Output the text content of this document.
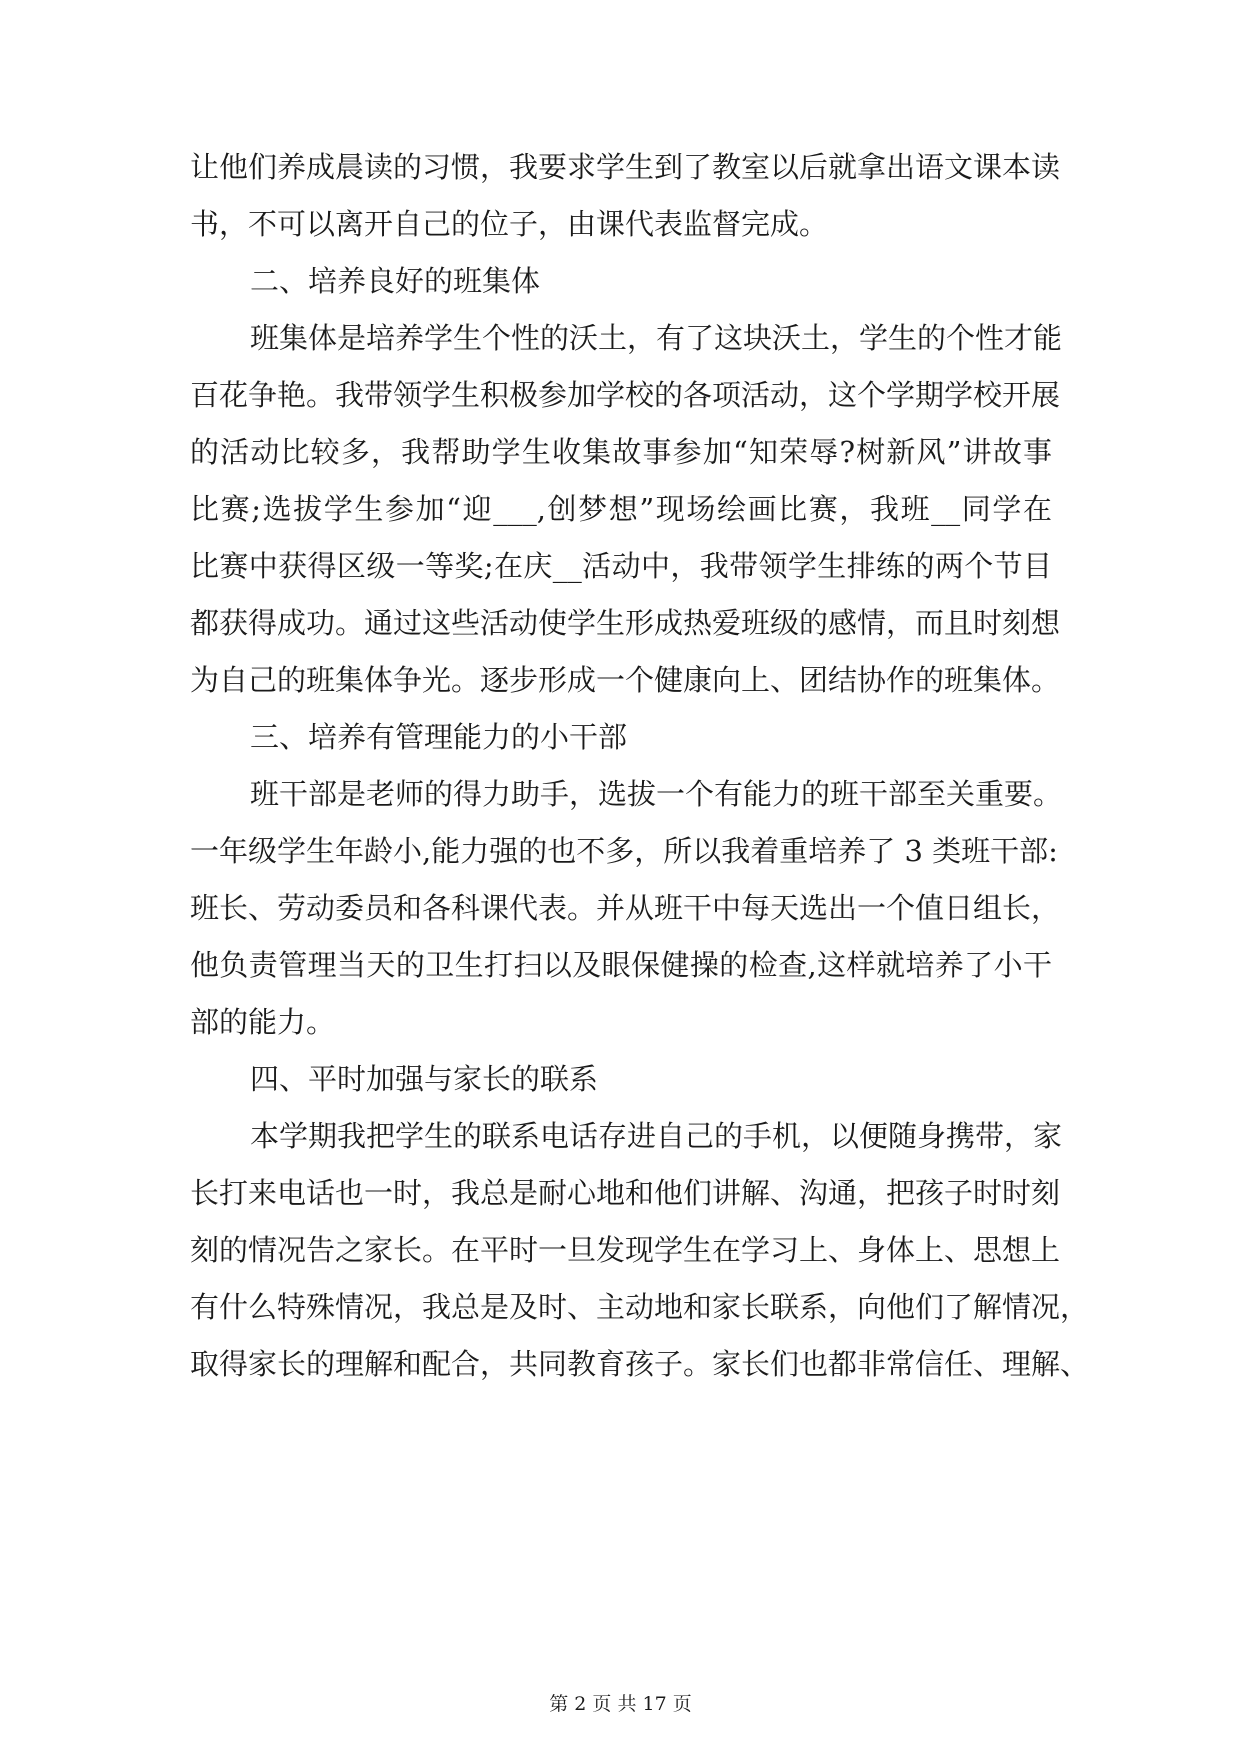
让他们养成晨读的习惯，我要求学生到了教室以后就拿出语文课本读
书，不可以离开自己的位子，由课代表监督完成。
二、培养良好的班集体
班集体是培养学生个性的沃土，有了这块沃土，学生的个性才能
百花争艳。我带领学生积极参加学校的各项活动，这个学期学校开展
的活动比较多，我帮助学生收集故事参加“知荣辱?树新风”讲故事
比赛;选拔学生参加“迎___,创梦想”现场绘画比赛，我班__同学在
比赛中获得区级一等奖;在庆__活动中，我带领学生排练的两个节目
都获得成功。通过这些活动使学生形成热爱班级的感情，而且时刻想
为自己的班集体争光。逐步形成一个健康向上、团结协作的班集体。
三、培养有管理能力的小干部
班干部是老师的得力助手，选拔一个有能力的班干部至关重要。
一年级学生年龄小,能力强的也不多，所以我着重培养了 3 类班干部:
班长、劳动委员和各科课代表。并从班干中每天选出一个值日组长，
他负责管理当天的卫生打扫以及眼保健操的检查,这样就培养了小干
部的能力。
四、平时加强与家长的联系
本学期我把学生的联系电话存进自己的手机，以便随身携带，家
长打来电话也一时，我总是耐心地和他们讲解、沟通，把孩子时时刻
刻的情况告之家长。在平时一旦发现学生在学习上、身体上、思想上
有什么特殊情况，我总是及时、主动地和家长联系，向他们了解情况，
取得家长的理解和配合，共同教育孩子。家长们也都非常信任、理解、
第 2 页 共 17 页
